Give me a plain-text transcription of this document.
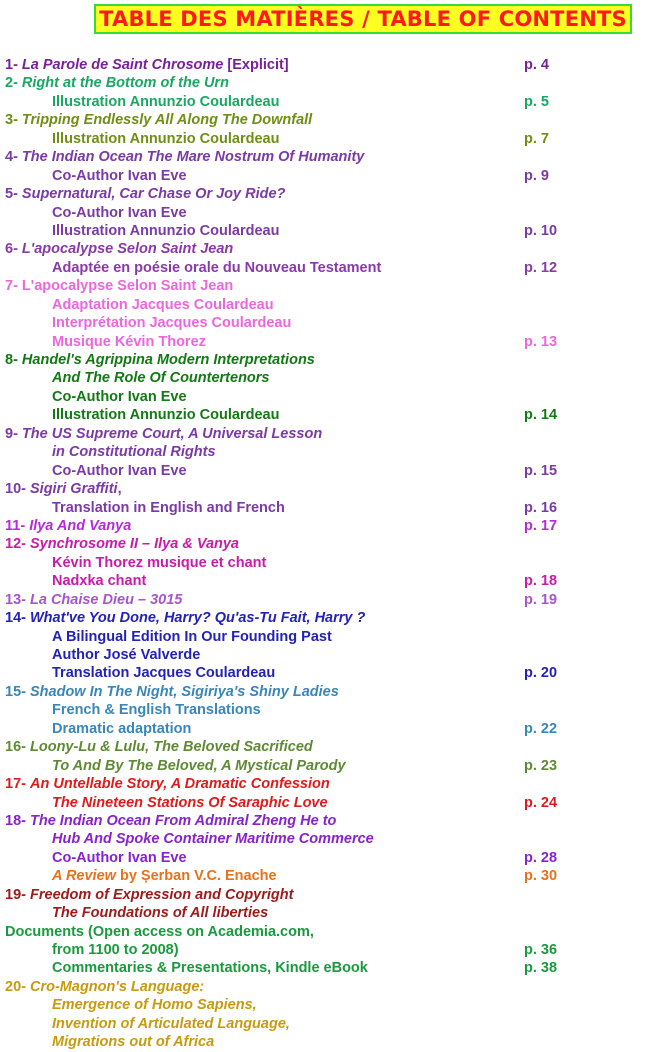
TABLE DES MATIÈRES / TABLE OF CONTENTS
1- La Parole de Saint Chrosome [Explicit]	p. 4
2- Right at the Bottom of the Urn
Illustration Annunzio Coulardeau	p. 5
3- Tripping Endlessly All Along The Downfall
Illustration Annunzio Coulardeau	p. 7
4- The Indian Ocean The Mare Nostrum Of Humanity
Co-Author Ivan Eve	p. 9
5- Supernatural, Car Chase Or Joy Ride?
Co-Author Ivan Eve
Illustration Annunzio Coulardeau	p. 10
6- L'apocalypse Selon Saint Jean
Adaptée en poésie orale du Nouveau Testament	p. 12
7- L'apocalypse Selon Saint Jean
Adaptation Jacques Coulardeau
Interprétation Jacques Coulardeau
Musique Kévin Thorez	p. 13
8- Handel's Agrippina Modern Interpretations
And The Role Of Countertenors
Co-Author Ivan Eve
Illustration Annunzio Coulardeau	p. 14
9- The US Supreme Court, A Universal Lesson
in Constitutional Rights
Co-Author Ivan Eve	p. 15
10- Sigiri Graffiti,
Translation in English and French	p. 16
11- Ilya And Vanya	p. 17
12- Synchrosome II – Ilya & Vanya
Kévin Thorez musique et chant
Nadxka chant	p. 18
13- La Chaise Dieu – 3015	p. 19
14- What've You Done, Harry? Qu'as-Tu Fait, Harry ?
A Bilingual Edition In Our Founding Past
Author José Valverde
Translation Jacques Coulardeau	p. 20
15- Shadow In The Night, Sigiriya's Shiny Ladies
French & English Translations
Dramatic adaptation	p. 22
16- Loony-Lu & Lulu, The Beloved Sacrificed
To And By The Beloved, A Mystical Parody	p. 23
17- An Untellable Story, A Dramatic Confession
The Nineteen Stations Of Saraphic Love	p. 24
18- The Indian Ocean From Admiral Zheng He to
Hub And Spoke Container Maritime Commerce
Co-Author Ivan Eve	p. 28
A Review by Șerban V.C. Enache	p. 30
19- Freedom of Expression and Copyright
The Foundations of All liberties
Documents (Open access on Academia.com,
from 1100 to 2008)	p. 36
Commentaries & Presentations, Kindle eBook	p. 38
20- Cro-Magnon's Language:
Emergence of Homo Sapiens,
Invention of Articulated Language,
Migrations out of Africa
